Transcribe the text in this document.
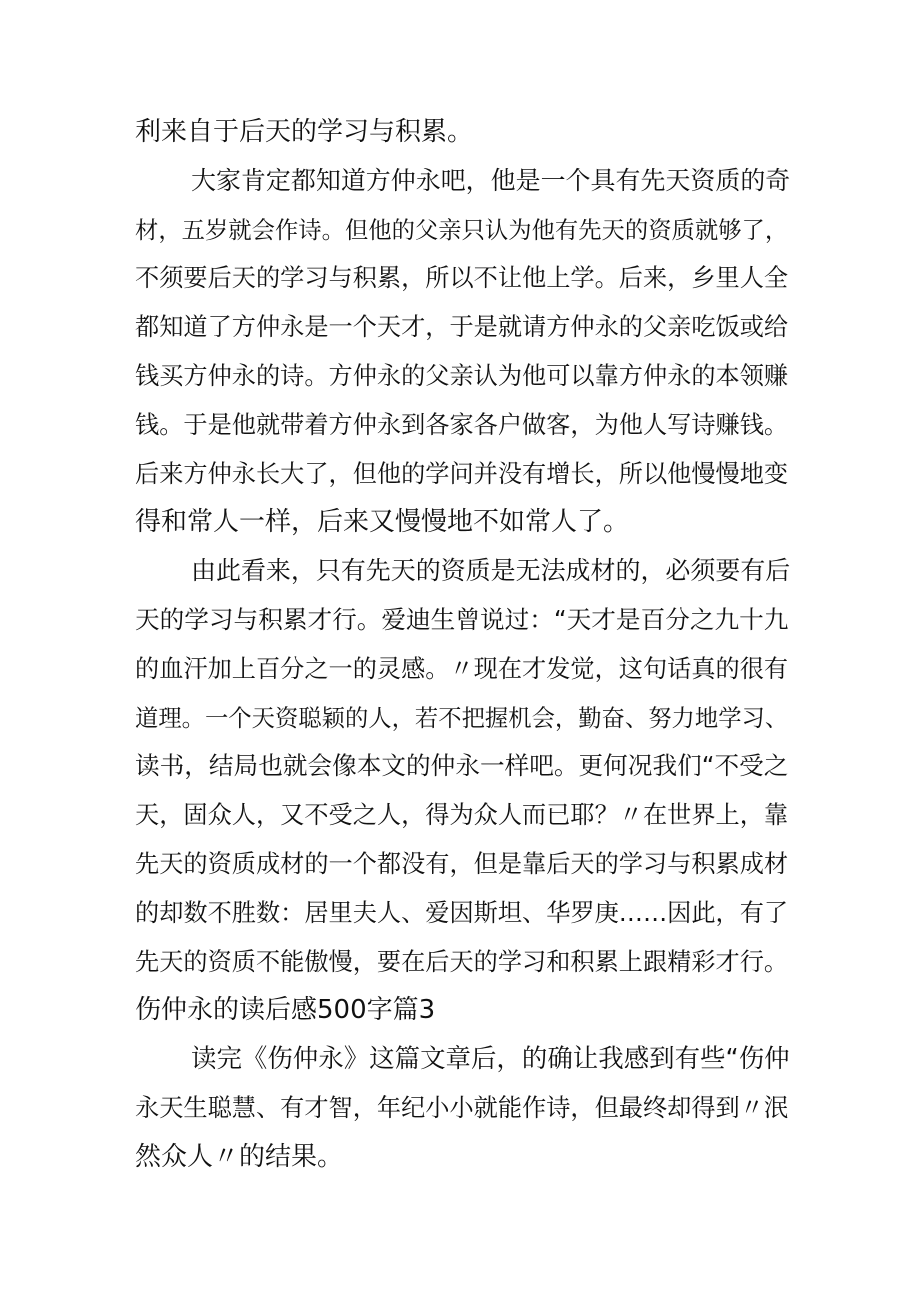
利来自于后天的学习与积累。
大家肯定都知道方仲永吧，他是一个具有先天资质的奇
材，五岁就会作诗。但他的父亲只认为他有先天的资质就够了，
不须要后天的学习与积累，所以不让他上学。后来，乡里人全
都知道了方仲永是一个天才，于是就请方仲永的父亲吃饭或给
钱买方仲永的诗。方仲永的父亲认为他可以靠方仲永的本领赚
钱。于是他就带着方仲永到各家各户做客，为他人写诗赚钱。
后来方仲永长大了，但他的学问并没有增长，所以他慢慢地变
得和常人一样，后来又慢慢地不如常人了。
由此看来，只有先天的资质是无法成材的，必须要有后
天的学习与积累才行。爱迪生曾说过：“天才是百分之九十九
的血汗加上百分之一的灵感。〃现在才发觉，这句话真的很有
道理。一个天资聪颖的人，若不把握机会，勤奋、努力地学习、
读书，结局也就会像本文的仲永一样吧。更何况我们“不受之
天，固众人，又不受之人，得为众人而已耶？〃在世界上，靠
先天的资质成材的一个都没有，但是靠后天的学习与积累成材
的却数不胜数：居里夫人、爱因斯坦、华罗庚……因此，有了
先天的资质不能傲慢，要在后天的学习和积累上跟精彩才行。
伤仲永的读后感500字篇3
读完《伤仲永》这篇文章后，的确让我感到有些“伤仲
永天生聪慧、有才智，年纪小小就能作诗，但最终却得到〃泯
然众人〃的结果。
